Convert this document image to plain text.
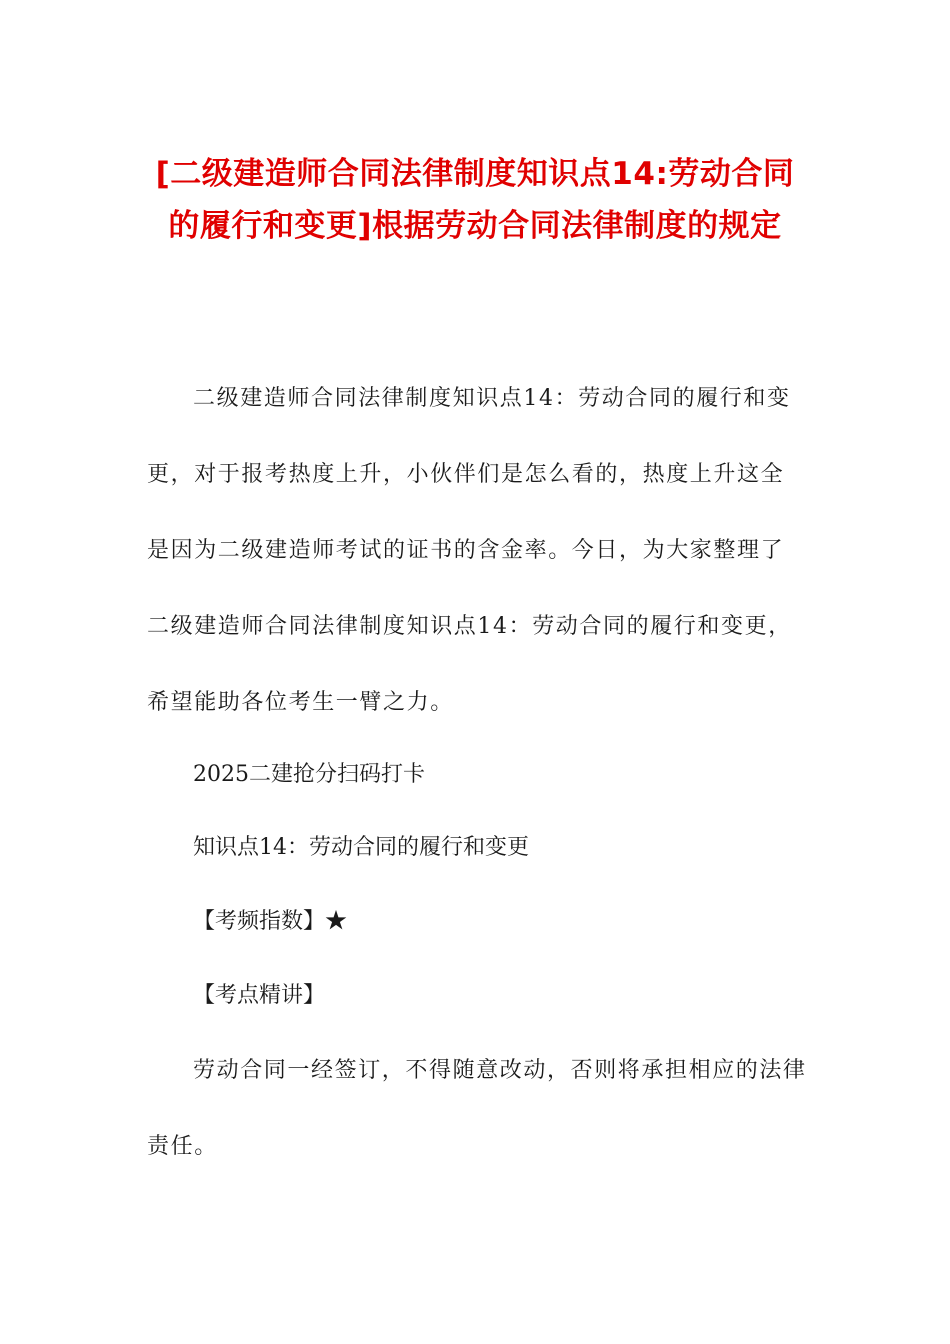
[二级建造师合同法律制度知识点14:劳动合同的履行和变更]根据劳动合同法律制度的规定

二级建造师合同法律制度知识点14：劳动合同的履行和变更，对于报考热度上升，小伙伴们是怎么看的，热度上升这全是因为二级建造师考试的证书的含金率。今日，为大家整理了二级建造师合同法律制度知识点14：劳动合同的履行和变更，希望能助各位考生一臂之力。

2025二建抢分扫码打卡

知识点14：劳动合同的履行和变更

【考频指数】★

【考点精讲】

劳动合同一经签订，不得随意改动，否则将承担相应的法律责任。
